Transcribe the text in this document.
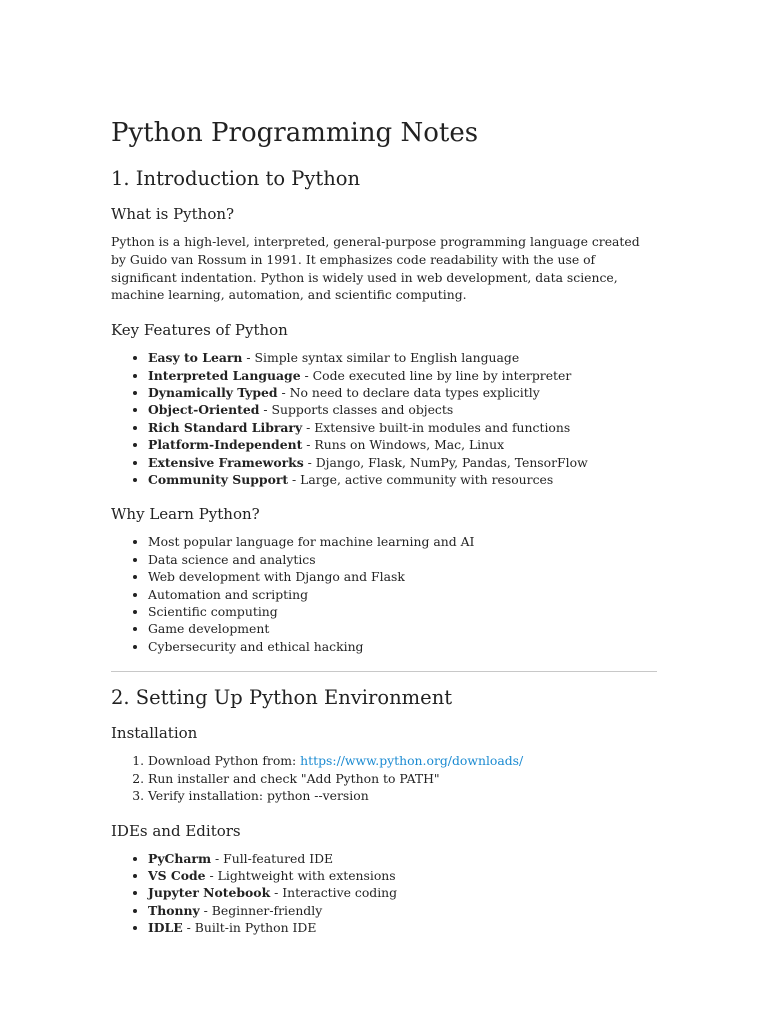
Python Programming Notes
1. Introduction to Python
What is Python?

Python is a high-level, interpreted, general-purpose programming language created by Guido van Rossum in 1991. It emphasizes code readability with the use of significant indentation. Python is widely used in web development, data science, machine learning, automation, and scientific computing.

Key Features of Python
• Easy to Learn - Simple syntax similar to English language
• Interpreted Language - Code executed line by line by interpreter
• Dynamically Typed - No need to declare data types explicitly
• Object-Oriented - Supports classes and objects
• Rich Standard Library - Extensive built-in modules and functions
• Platform-Independent - Runs on Windows, Mac, Linux
• Extensive Frameworks - Django, Flask, NumPy, Pandas, TensorFlow
• Community Support - Large, active community with resources
Why Learn Python?
• Most popular language for machine learning and AI
• Data science and analytics
• Web development with Django and Flask
• Automation and scripting
• Scientific computing
• Game development
• Cybersecurity and ethical hacking
2. Setting Up Python Environment
Installation
1. Download Python from: https://www.python.org/downloads/
2. Run installer and check "Add Python to PATH"
3. Verify installation: python --version
IDEs and Editors
• PyCharm - Full-featured IDE
• VS Code - Lightweight with extensions
• Jupyter Notebook - Interactive coding
• Thonny - Beginner-friendly
• IDLE - Built-in Python IDE
